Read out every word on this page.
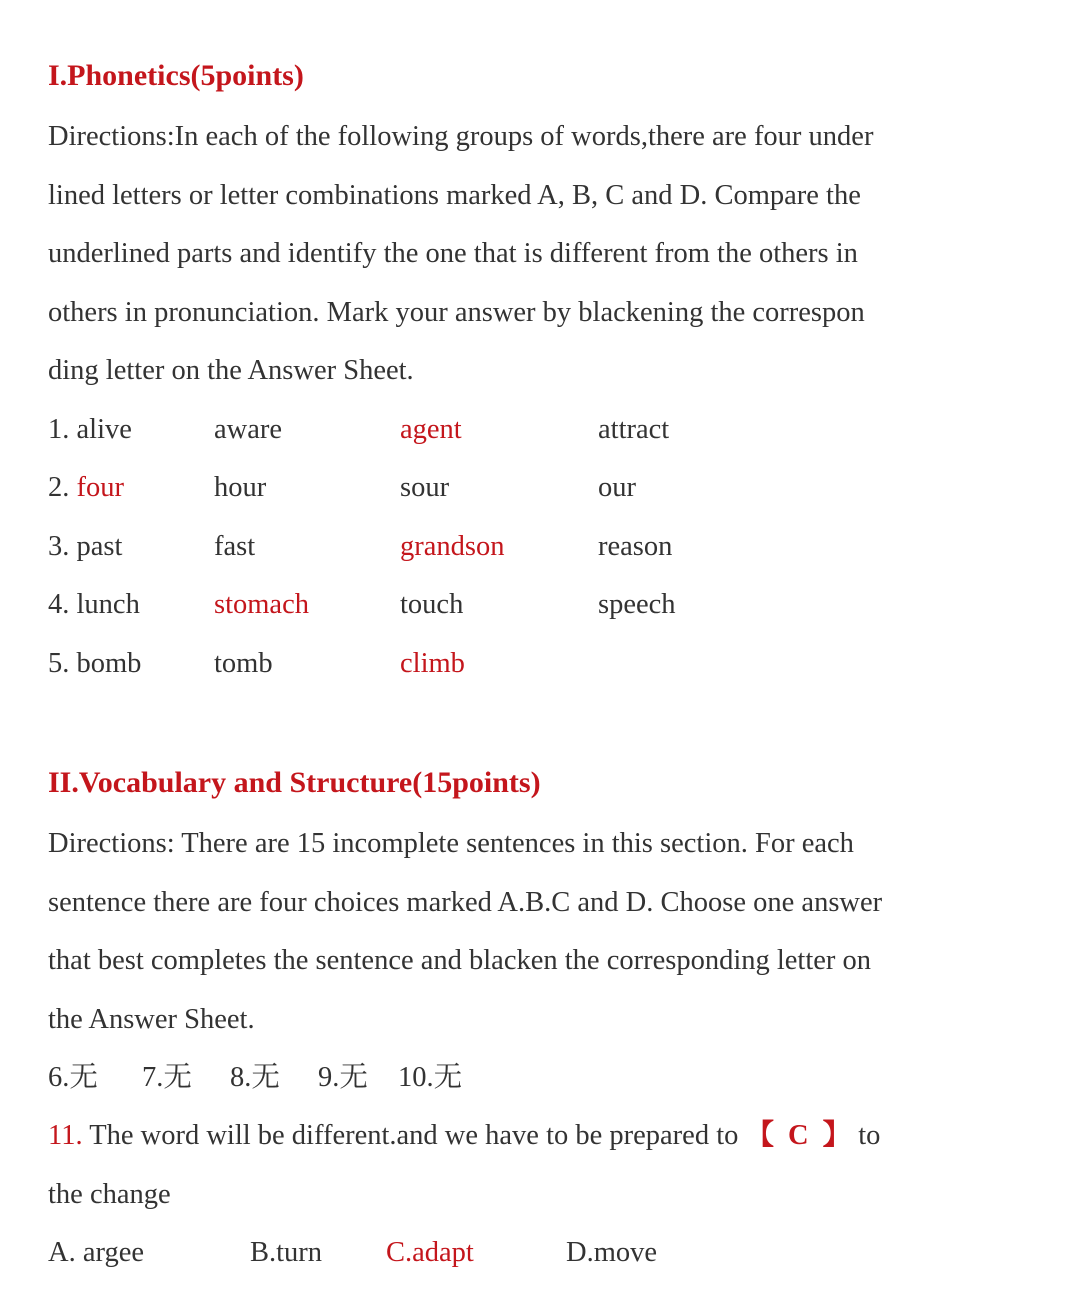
I.Phonetics(5points)
Directions:In each of the following groups of words,there are four under
lined letters or letter combinations marked A, B, C and D. Compare the
underlined parts and identify the one that is different from the others in
others in pronunciation. Mark your answer by blackening the correspon
ding letter on the Answer Sheet.
1. alive	aware	agent	attract
2. four	hour	sour	our
3. past	fast	grandson	reason
4. lunch	stomach	touch	speech
5. bomb	tomb	climb
II.Vocabulary and Structure(15points)
Directions: There are 15 incomplete sentences in this section. For each
sentence there are four choices marked A.B.C and D. Choose one answer
that best completes the sentence and blacken the corresponding letter on
the Answer Sheet.
6.无 7.无 8.无 9.无 10.无
11. The word will be different.and we have to be prepared to 【 C 】 to
the change
A. argee	B.turn C.adapt	D.move
